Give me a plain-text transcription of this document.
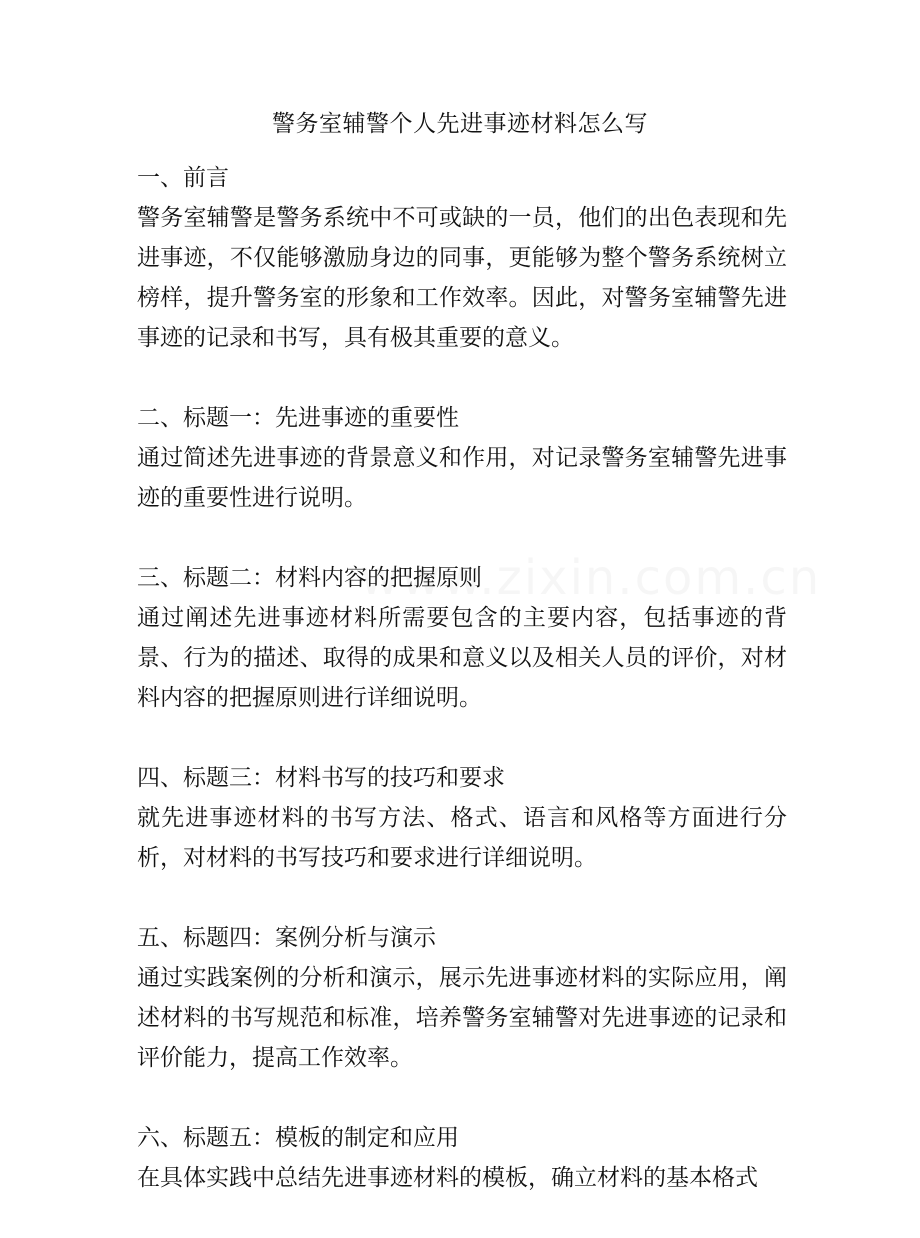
警务室辅警个人先进事迹材料怎么写
一、前言

警务室辅警是警务系统中不可或缺的一员，他们的出色表现和先进事迹，不仅能够激励身边的同事，更能够为整个警务系统树立榜样，提升警务室的形象和工作效率。因此，对警务室辅警先进事迹的记录和书写，具有极其重要的意义。

二、标题一：先进事迹的重要性

通过简述先进事迹的背景意义和作用，对记录警务室辅警先进事迹的重要性进行说明。

三、标题二：材料内容的把握原则

通过阐述先进事迹材料所需要包含的主要内容，包括事迹的背景、行为的描述、取得的成果和意义以及相关人员的评价，对材料内容的把握原则进行详细说明。

四、标题三：材料书写的技巧和要求

就先进事迹材料的书写方法、格式、语言和风格等方面进行分析，对材料的书写技巧和要求进行详细说明。

五、标题四：案例分析与演示

通过实践案例的分析和演示，展示先进事迹材料的实际应用，阐述材料的书写规范和标准，培养警务室辅警对先进事迹的记录和评价能力，提高工作效率。

六、标题五：模板的制定和应用

在具体实践中总结先进事迹材料的模板，确立材料的基本格式
